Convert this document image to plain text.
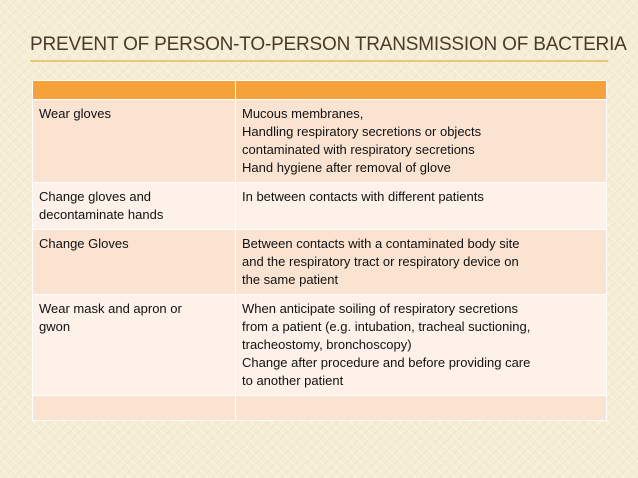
PREVENT OF PERSON-TO-PERSON TRANSMISSION OF BACTERIA

Wear gloves	Mucous membranes,
Handling respiratory secretions or objects
contaminated with respiratory secretions
Hand hygiene after removal of glove

Change gloves and
decontaminate hands	In between contacts with different patients

Change Gloves	Between contacts with a contaminated body site
and the respiratory tract or respiratory device on
the same patient

Wear mask and apron or
gwon	When anticipate soiling of respiratory secretions
from a patient (e.g. intubation, tracheal suctioning,
tracheostomy, bronchoscopy)
Change after procedure and before providing care
to another patient
